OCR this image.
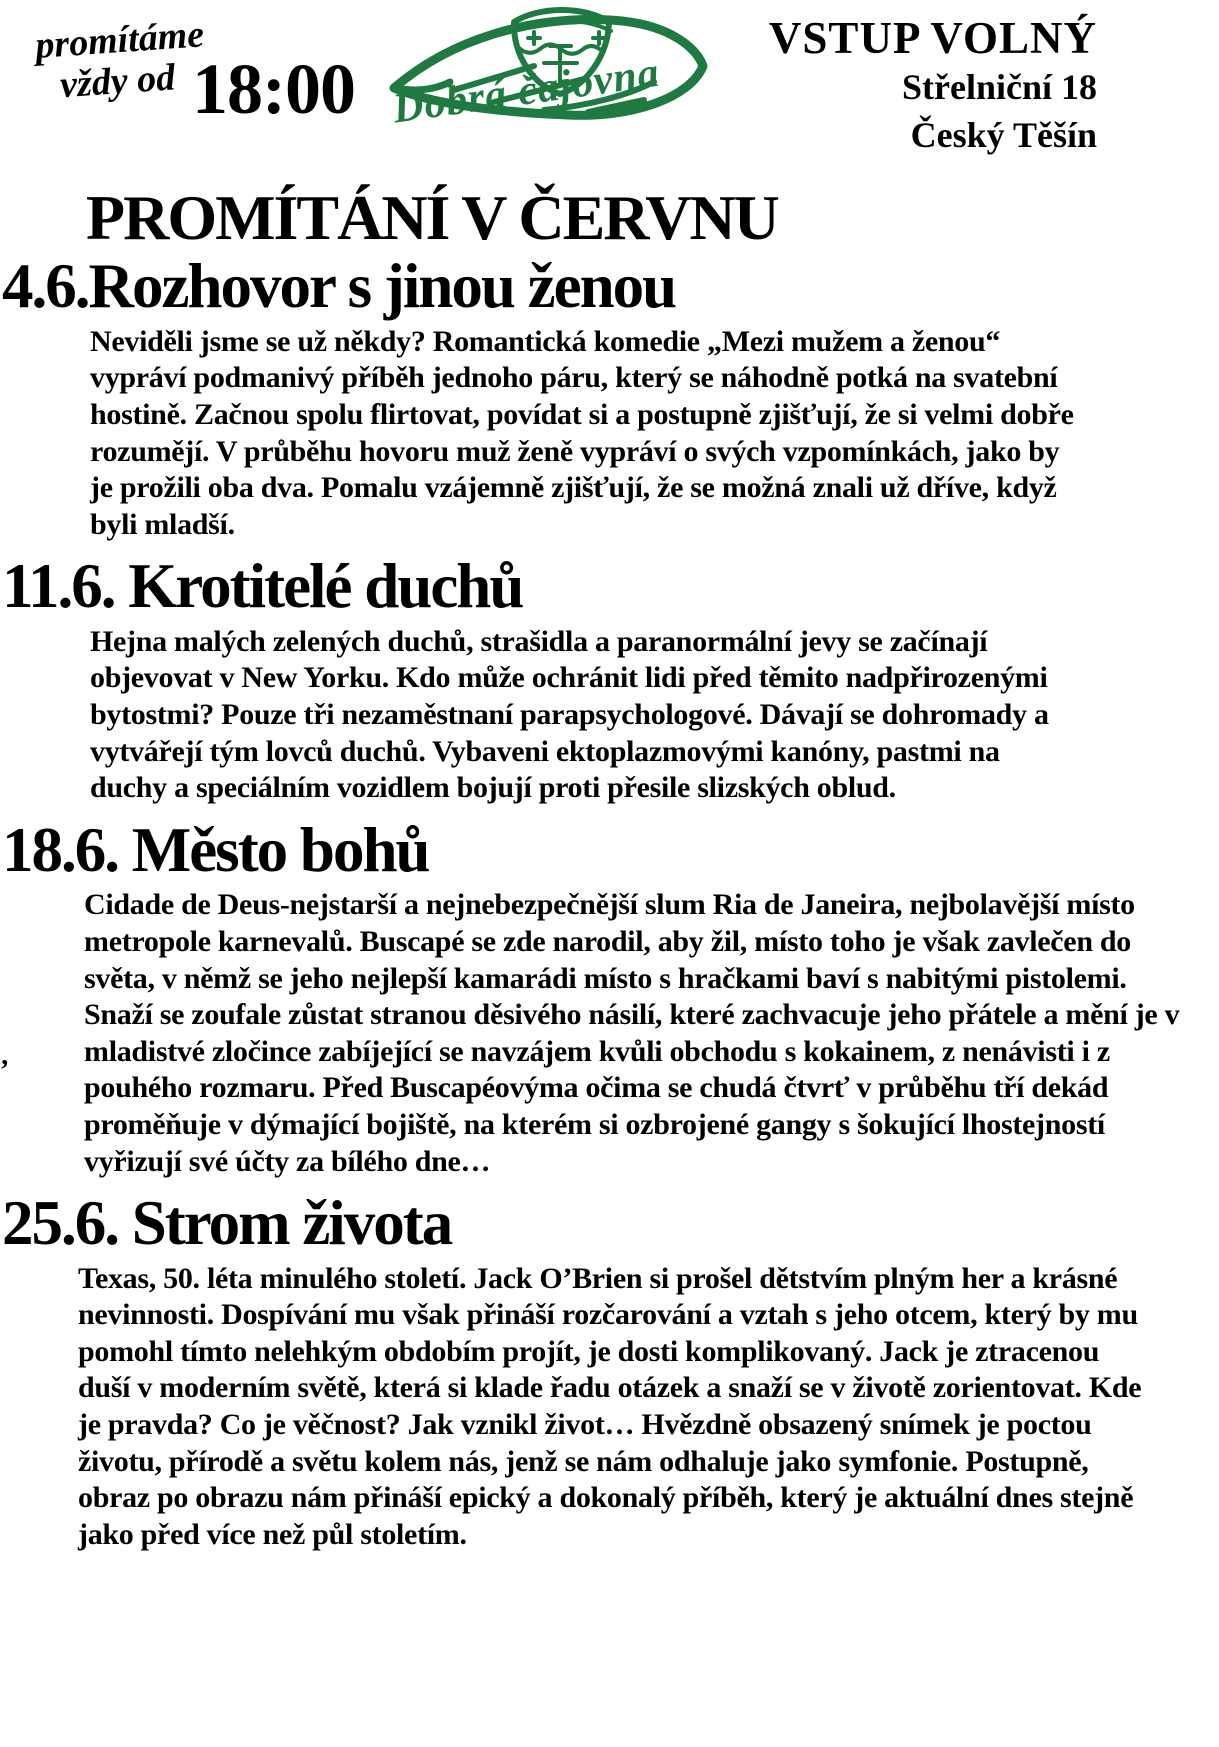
promítáme
vždy od 18:00 Dobrá čajovna
VSTUP VOLNÝ
Střelniční 18
Český Těšín
PROMÍTÁNÍ V ČERVNU
4.6.Rozhovor s jinou ženou

Neviděli jsme se už někdy? Romantická komedie „Mezi mužem a ženou“ vypráví podmanivý příběh jednoho páru, který se náhodně potká na svatební hostině. Začnou spolu flirtovat, povídat si a postupně zjišťují, že si velmi dobře rozumějí. V průběhu hovoru muž ženě vypráví o svých vzpomínkách, jako by je prožili oba dva. Pomalu vzájemně zjišťují, že se možná znali už dříve, když byli mladší.

11.6. Krotitelé duchů

Hejna malých zelených duchů, strašidla a paranormální jevy se začínají objevovat v New Yorku. Kdo může ochránit lidi před těmito nadpřirozenými bytostmi? Pouze tři nezaměstnaní parapsychologové. Dávají se dohromady a vytvářejí tým lovců duchů. Vybaveni ektoplazmovými kanóny, pastmi na duchy a speciálním vozidlem bojují proti přesile slizských oblud.

18.6. Město bohů

Cidade de Deus-nejstarší a nejnebezpečnější slum Ria de Janeira, nejbolavější místo metropole karnevalů. Buscapé se zde narodil, aby žil, místo toho je však zavlečen do světa, v němž se jeho nejlepší kamarádi místo s hračkami baví s nabitými pistolemi. Snaží se zoufale zůstat stranou děsivého násilí, které zachvacuje jeho přátele a mění je v mladistvé zločince zabíjející se navzájem kvůli obchodu s kokainem, z nenávisti i z pouhého rozmaru. Před Buscapéovýma očima se chudá čtvrť v průběhu tří dekád proměňuje v dýmající bojiště, na kterém si ozbrojené gangy s šokující lhostejností vyřizují své účty za bílého dne…

25.6. Strom života

Texas, 50. léta minulého století. Jack O’Brien si prošel dětstvím plným her a krásné nevinnosti. Dospívání mu však přináší rozčarování a vztah s jeho otcem, který by mu pomohl tímto nelehkým obdobím projít, je dosti komplikovaný. Jack je ztracenou duší v moderním světě, která si klade řadu otázek a snaží se v životě zorientovat. Kde je pravda? Co je věčnost? Jak vznikl život… Hvězdně obsazený snímek je poctou životu, přírodě a světu kolem nás, jenž se nám odhaluje jako symfonie. Postupně, obraz po obrazu nám přináší epický a dokonalý příběh, který je aktuální dnes stejně jako před více než půl stoletím.

‚
